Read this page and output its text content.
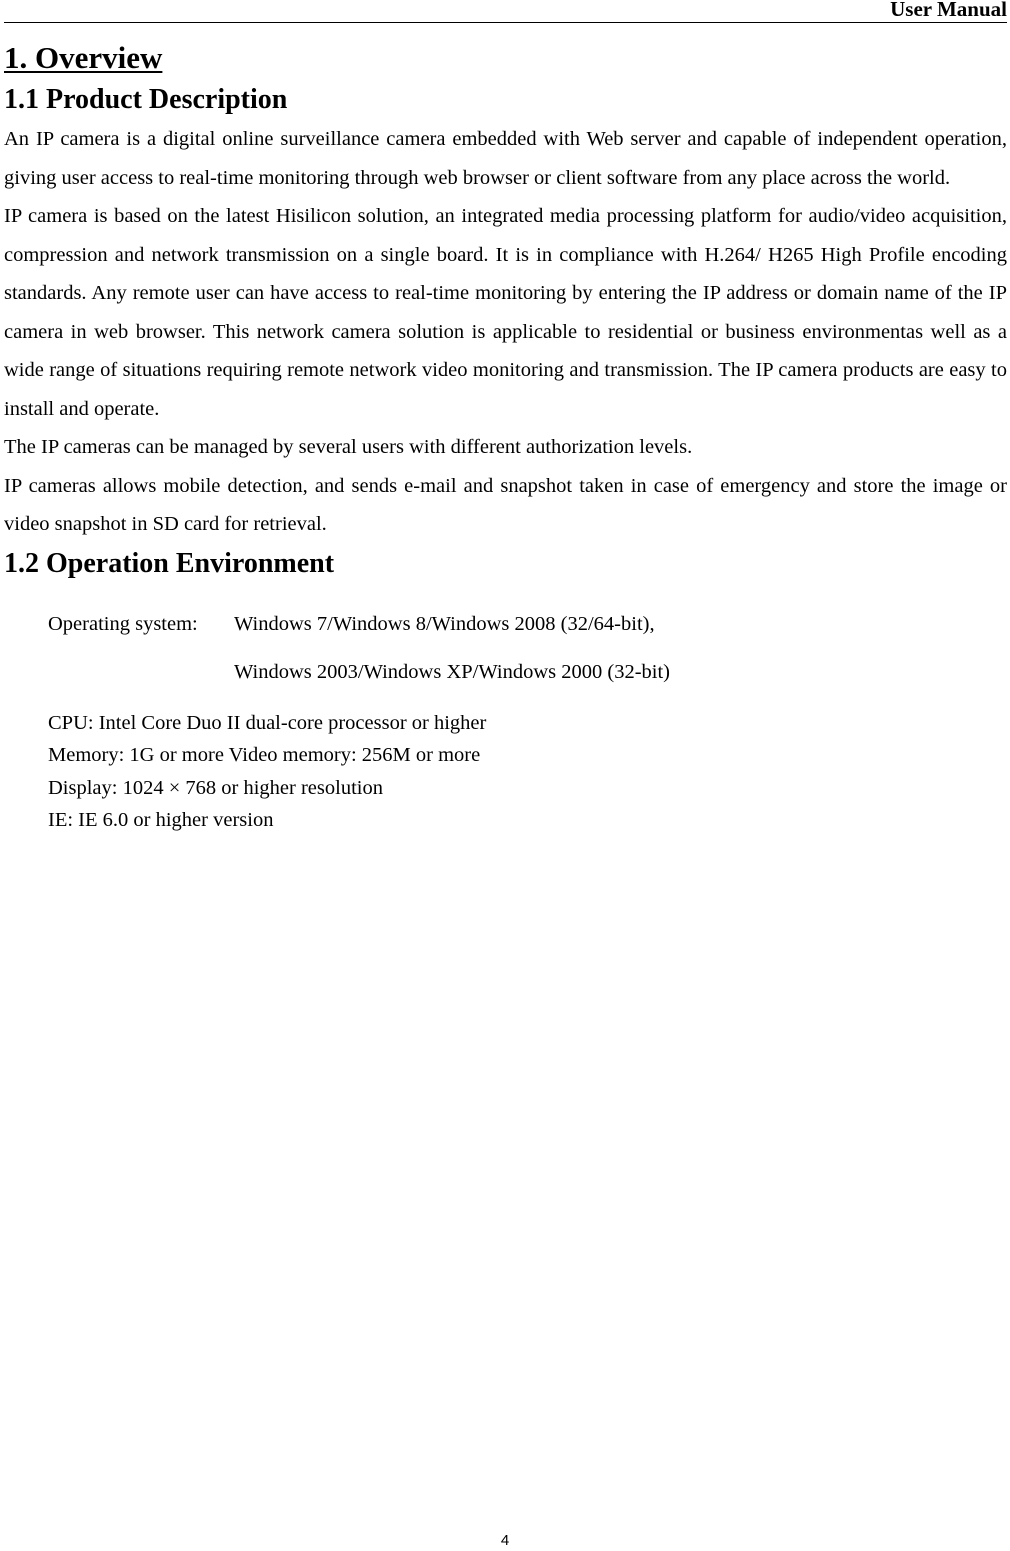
User Manual
1. Overview
1.1 Product Description

An IP camera is a digital online surveillance camera embedded with Web server and capable of independent operation, giving user access to real-time monitoring through web browser or client software from any place across the world.

IP camera is based on the latest Hisilicon solution, an integrated media processing platform for audio/video acquisition, compression and network transmission on a single board. It is in compliance with H.264/ H265 High Profile encoding standards. Any remote user can have access to real-time monitoring by entering the IP address or domain name of the IP camera in web browser. This network camera solution is applicable to residential or business environmentas well as a wide range of situations requiring remote network video monitoring and transmission. The IP camera products are easy to install and operate.

The IP cameras can be managed by several users with different authorization levels.

IP cameras allows mobile detection, and sends e-mail and snapshot taken in case of emergency and store the image or video snapshot in SD card for retrieval.

1.2 Operation Environment
Operating system:	Windows 7/Windows 8/Windows 2008 (32/64-bit),
Windows 2003/Windows XP/Windows 2000 (32-bit)
CPU: Intel Core Duo II dual-core processor or higher
Memory: 1G or more Video memory: 256M or more
Display: 1024 × 768 or higher resolution
IE: IE 6.0 or higher version
4
